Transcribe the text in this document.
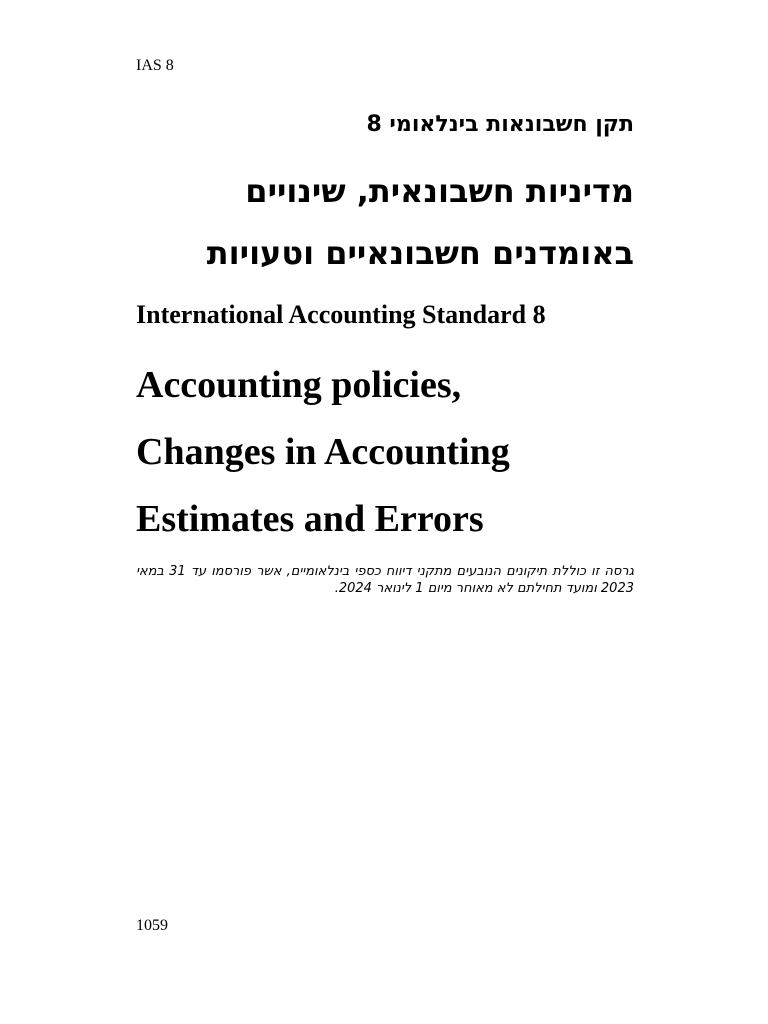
IAS 8
תקן חשבונאות בינלאומי 8
מדיניות חשבונאית, שינויים
באומדנים חשבונאיים וטעויות
International Accounting Standard 8
Accounting policies,
Changes in Accounting
Estimates and Errors
גרסה זו כוללת תיקונים הנובעים מתקני דיווח כספי בינלאומיים, אשר פורסמו עד 31 במאי 2023 ומועד תחילתם לא מאוחר מיום 1 לינואר 2024.
1059
